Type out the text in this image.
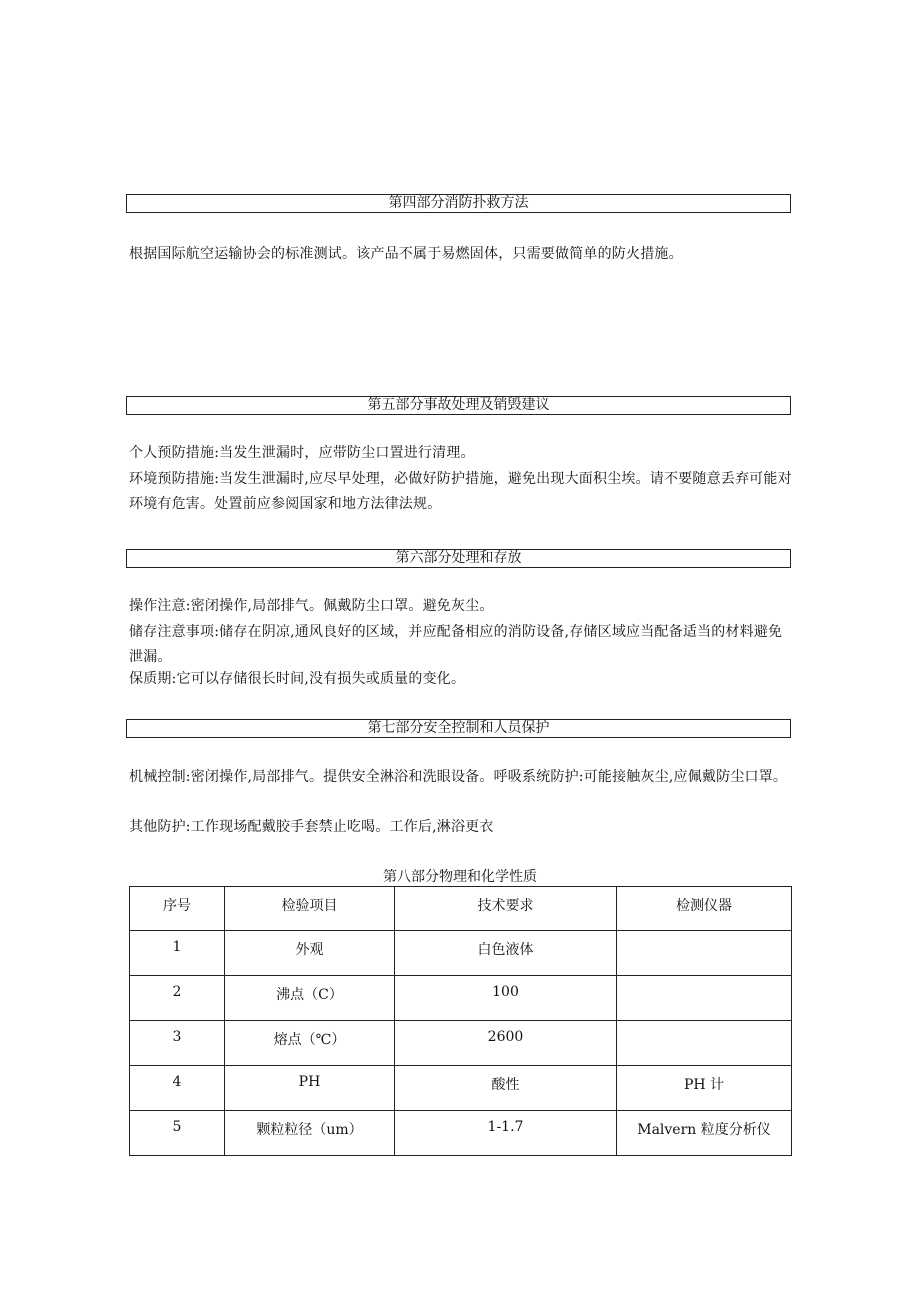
第四部分消防扑救方法

根据国际航空运输协会的标准测试。该产品不属于易燃固体，只需要做简单的防火措施。

第五部分事故处理及销毁建议

个人预防措施:当发生泄漏时，应带防尘口置进行清理。

环境预防措施:当发生泄漏时,应尽早处理，必做好防护措施，避免出现大面积尘埃。请不要随意丢弃可能对环境有危害。处置前应参阅国家和地方法律法规。

第六部分处理和存放

操作注意:密闭操作,局部排气。佩戴防尘口罩。避免灰尘。

储存注意事项:储存在阴凉,通风良好的区域，并应配备相应的消防设备,存储区域应当配备适当的材料避免泄漏。

保质期:它可以存储很长时间,没有损失或质量的变化。

第七部分安全控制和人员保护

机械控制:密闭操作,局部排气。提供安全淋浴和洗眼设备。呼吸系统防护:可能接触灰尘,应佩戴防尘口罩。

其他防护:工作现场配戴胶手套禁止吃喝。工作后,淋浴更衣

第八部分物理和化学性质
序号	检验项目	技术要求	检测仪器
1	外观	白色液体	
2	沸点（C）	100	
3	熔点（℃）	2600	
4	PH	酸性	PH 计
5	颗粒粒径（um）	1-1.7	Malvern 粒度分析仪
